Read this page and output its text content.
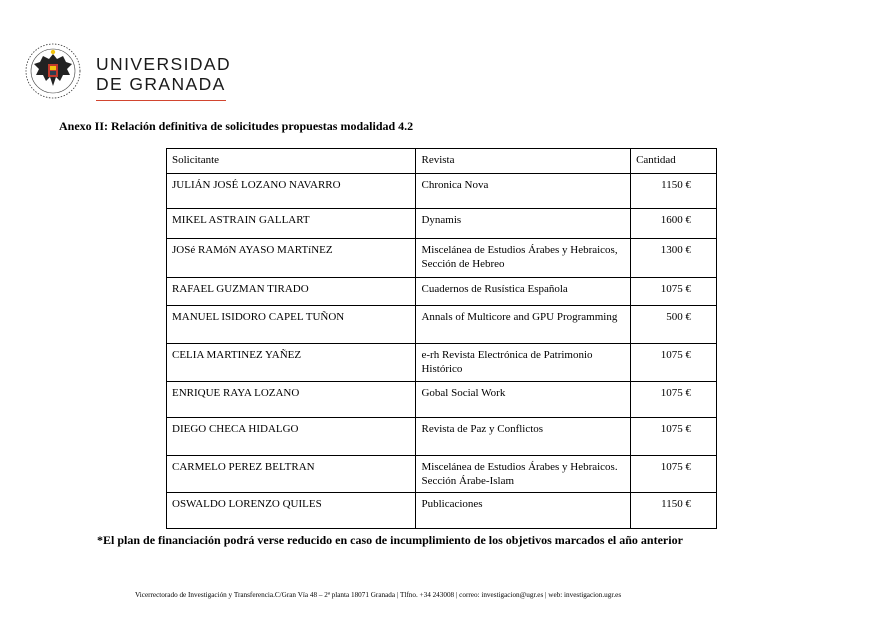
UNIVERSIDAD
DE GRANADA
Anexo II: Relación definitiva de solicitudes propuestas modalidad 4.2
Solicitante	Revista	Cantidad
JULIÁN JOSÉ LOZANO NAVARRO	Chronica Nova	1150 €
MIKEL ASTRAIN GALLART	Dynamis	1600 €
JOSé RAMóN AYASO MARTíNEZ	Miscelánea de Estudios Árabes y Hebraicos, Sección de Hebreo	1300 €
RAFAEL GUZMAN TIRADO	Cuadernos de Rusística Española	1075 €
MANUEL ISIDORO CAPEL TUÑON	Annals of Multicore and GPU Programming	500 €
CELIA MARTINEZ YAÑEZ	e-rh Revista Electrónica de Patrimonio Histórico	1075 €
ENRIQUE RAYA LOZANO	Gobal Social Work	1075 €
DIEGO CHECA HIDALGO	Revista de Paz y Conflictos	1075 €
CARMELO PEREZ BELTRAN	Miscelánea de Estudios Árabes y Hebraicos. Sección Árabe-Islam	1075 €
OSWALDO LORENZO QUILES	Publicaciones	1150 €
*El plan de financiación podrá verse reducido en caso de incumplimiento de los objetivos marcados el año anterior
Vicerrectorado de Investigación y Transferencia.C/Gran Vía 48 – 2ª planta 18071 Granada | Tlfno. +34 243008 | correo: investigacion@ugr.es | web: investigacion.ugr.es
